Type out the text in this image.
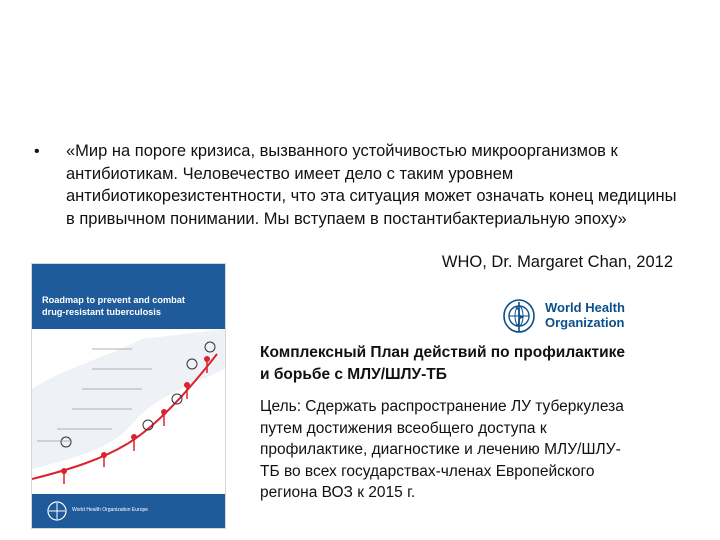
• «Мир на пороге кризиса, вызванного устойчивостью микроорганизмов к антибиотикам. Человечество имеет дело с таким уровнем антибиотикорезистентности, что эта ситуация может означать конец медицины в привычном понимании. Мы вступаем в постантибактериальную эпоху»
WHO, Dr. Margaret Chan, 2012
Roadmap to prevent and combat
drug-resistant tuberculosis
World Health Organization Europe
World Health
Organization
Комплексный План действий по профилактике и борьбе с МЛУ/ШЛУ-ТБ
Цель: Сдержать распространение ЛУ туберкулеза путем достижения всеобщего доступа к профилактике, диагностике и лечению МЛУ/ШЛУ-ТБ во всех государствах-членах Европейского региона ВОЗ к 2015 г.
